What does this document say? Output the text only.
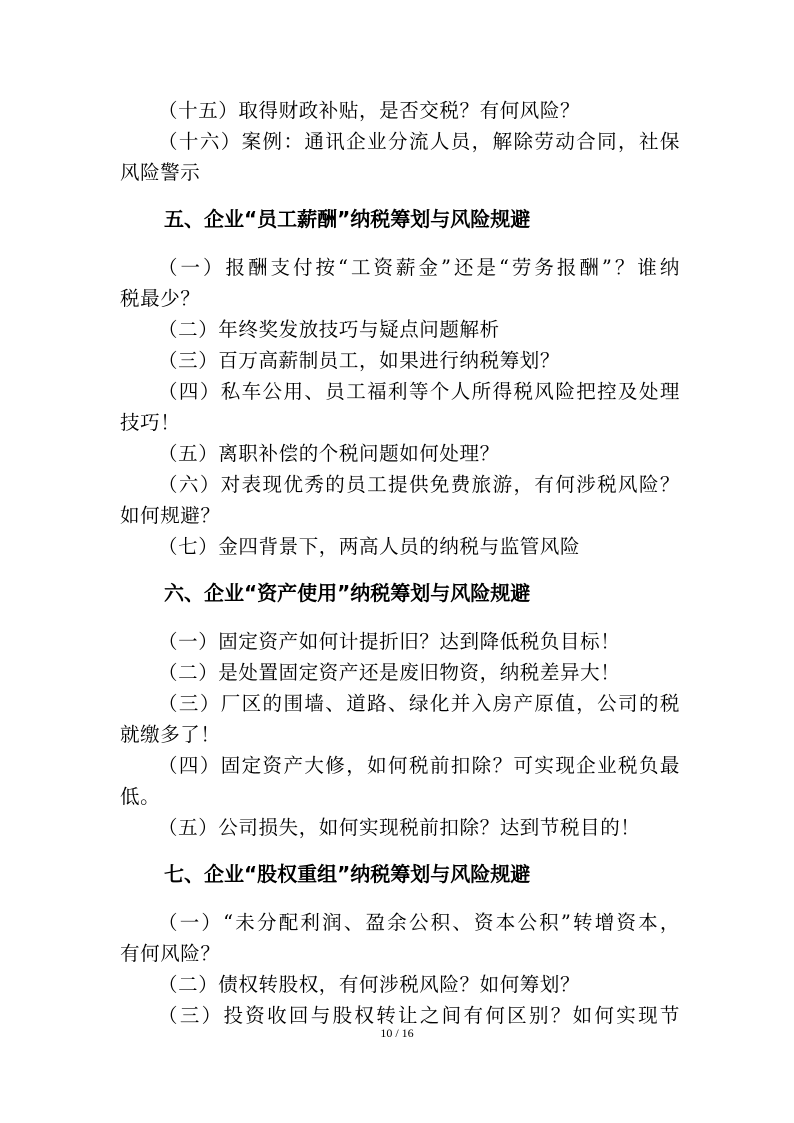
（十五）取得财政补贴，是否交税？有何风险？
（十六）案例：通讯企业分流人员，解除劳动合同，社保
风险警示
五、企业“员工薪酬”纳税筹划与风险规避
（一）报酬支付按“工资薪金”还是“劳务报酬”？谁纳
税最少？
（二）年终奖发放技巧与疑点问题解析
（三）百万高薪制员工，如果进行纳税筹划？
（四）私车公用、员工福利等个人所得税风险把控及处理
技巧！
（五）离职补偿的个税问题如何处理？
（六）对表现优秀的员工提供免费旅游，有何涉税风险？
如何规避？
（七）金四背景下，两高人员的纳税与监管风险
六、企业“资产使用”纳税筹划与风险规避
（一）固定资产如何计提折旧？达到降低税负目标！
（二）是处置固定资产还是废旧物资，纳税差异大！
（三）厂区的围墙、道路、绿化并入房产原值，公司的税
就缴多了！
（四）固定资产大修，如何税前扣除？可实现企业税负最
低。
（五）公司损失，如何实现税前扣除？达到节税目的！
七、企业“股权重组”纳税筹划与风险规避
（一）“未分配利润、盈余公积、资本公积”转增资本，
有何风险？
（二）债权转股权，有何涉税风险？如何筹划？
（三）投资收回与股权转让之间有何区别？如何实现节
10 / 16
